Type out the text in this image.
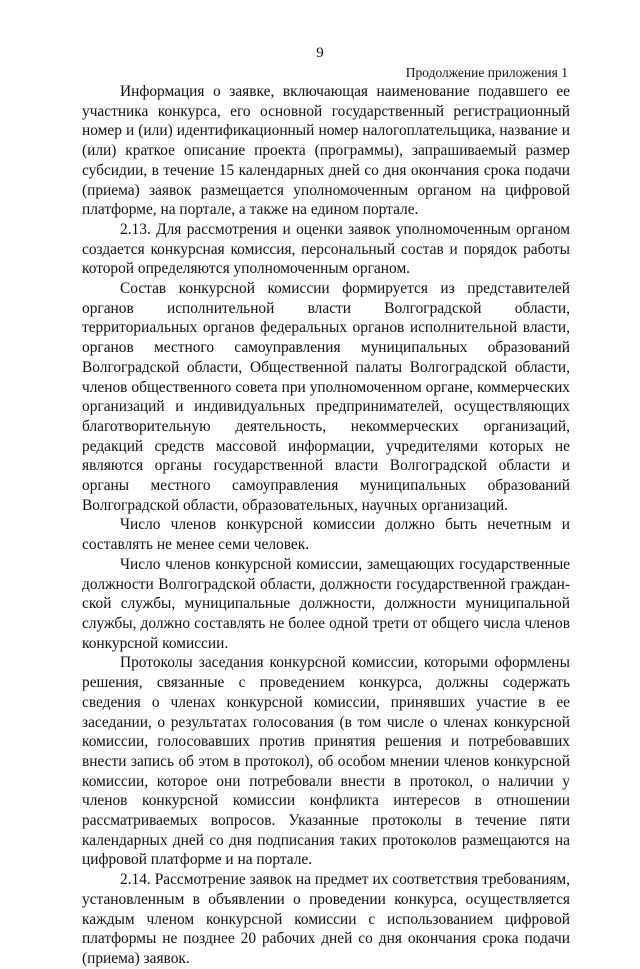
9
Продолжение приложения 1

Информация о заявке, включающая наименование подавшего ее участника конкурса, его основной государственный регистрационный номер и (или) идентификационный номер налогоплательщика, название и (или) краткое описание проекта (программы), запрашиваемый размер субсидии, в течение 15 календарных дней со дня окончания срока подачи (приема) заявок размещается уполномоченным органом на цифровой платформе, на портале, а также на едином портале.

2.13. Для рассмотрения и оценки заявок уполномоченным органом создается конкурсная комиссия, персональный состав и порядок работы которой определяются уполномоченным органом.

Состав конкурсной комиссии формируется из представителей органов исполнительной власти Волгоградской области, территориальных органов федеральных органов исполнительной власти, органов местного самоуправления муниципальных образований Волгоградской области, Общественной палаты Волгоградской области, членов общественного совета при уполномоченном органе, коммерческих организаций и индивидуальных предпринимателей, осуществляющих благотворительную деятельность, некоммерческих организаций, редакций средств массовой информации, учредителями которых не являются органы государственной власти Волгоградской области и органы местного самоуправления муниципальных образований Волгоградской области, образовательных, научных организаций.

Число членов конкурсной комиссии должно быть нечетным и составлять не менее семи человек.

Число членов конкурсной комиссии, замещающих государственные должности Волгоградской области, должности государственной гражданской службы, муниципальные должности, должности муниципальной службы, должно составлять не более одной трети от общего числа членов конкурсной комиссии.

Протоколы заседания конкурсной комиссии, которыми оформлены решения, связанные с проведением конкурса, должны содержать сведения о членах конкурсной комиссии, принявших участие в ее заседании, о результатах голосования (в том числе о членах конкурсной комиссии, голосовавших против принятия решения и потребовавших внести запись об этом в протокол), об особом мнении членов конкурсной комиссии, которое они потребовали внести в протокол, о наличии у членов конкурсной комиссии конфликта интересов в отношении рассматриваемых вопросов. Указанные протоколы в течение пяти календарных дней со дня подписания таких протоколов размещаются на цифровой платформе и на портале.

2.14. Рассмотрение заявок на предмет их соответствия требованиям, установленным в объявлении о проведении конкурса, осуществляется каждым членом конкурсной комиссии с использованием цифровой платформы не позднее 20 рабочих дней со дня окончания срока подачи (приема) заявок.
